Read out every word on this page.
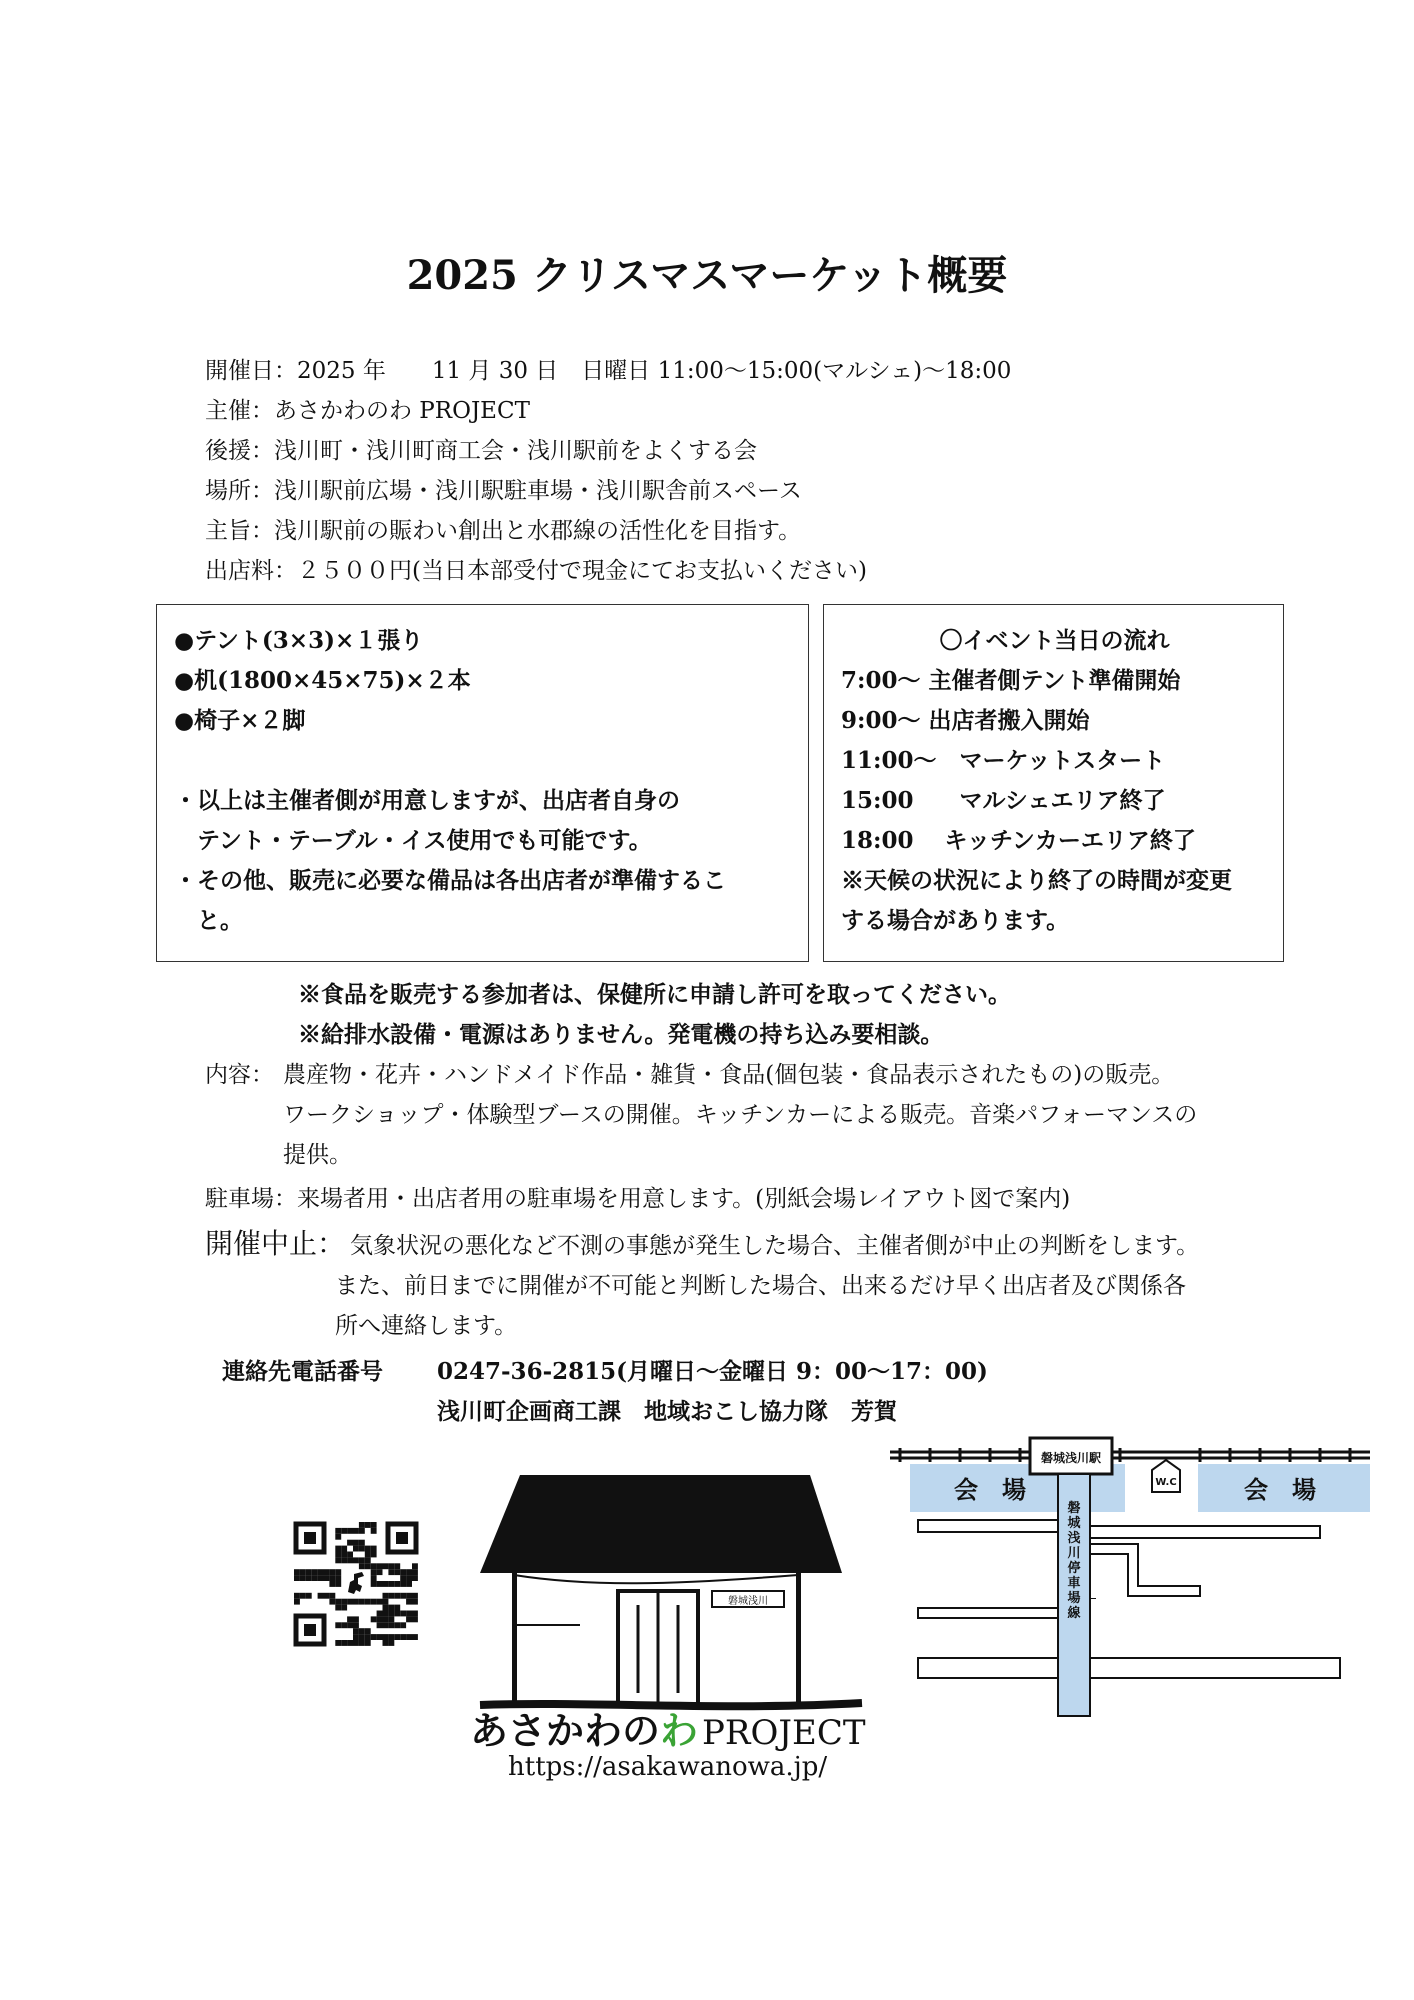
2025 クリスマスマーケット概要
開催日：2025 年　　11 月 30 日　日曜日 11:00～15:00(マルシェ)～18:00
主催：あさかわのわ PROJECT
後援：浅川町・浅川町商工会・浅川駅前をよくする会
場所：浅川駅前広場・浅川駅駐車場・浅川駅舎前スペース
主旨：浅川駅前の賑わい創出と水郡線の活性化を目指す。
出店料：２５００円(当日本部受付で現金にてお支払いください)
●テント(3×3)×１張り
●机(1800×45×75)×２本
●椅子×２脚
・以上は主催者側が用意しますが、出店者自身の
　テント・テーブル・イス使用でも可能です。
・その他、販売に必要な備品は各出店者が準備するこ
　と。
〇イベント当日の流れ
7:00～ 主催者側テント準備開始
9:00～ 出店者搬入開始
11:00～　マーケットスタート
15:00　　マルシェエリア終了
18:00　 キッチンカーエリア終了
※天候の状況により終了の時間が変更
する場合があります。
※食品を販売する参加者は、保健所に申請し許可を取ってください。
※給排水設備・電源はありません。発電機の持ち込み要相談。
内容： 農産物・花卉・ハンドメイド作品・雑貨・食品(個包装・食品表示されたもの)の販売。
ワークショップ・体験型ブースの開催。キッチンカーによる販売。音楽パフォーマンスの
提供。
駐車場：来場者用・出店者用の駐車場を用意します。(別紙会場レイアウト図で案内)
開催中止： 気象状況の悪化など不測の事態が発生した場合、主催者側が中止の判断をします。
また、前日までに開催が不可能と判断した場合、出来るだけ早く出店者及び関係各
所へ連絡します。
連絡先電話番号 0247-36-2815(月曜日～金曜日 9：00～17：00)
浅川町企画商工課　地域おこし協力隊　芳賀
磐城浅川
あさかわのわ PROJECT
https://asakawanowa.jp/
会　場	会　場
磐城浅川駅
W.C
磐城浅川停車場線
